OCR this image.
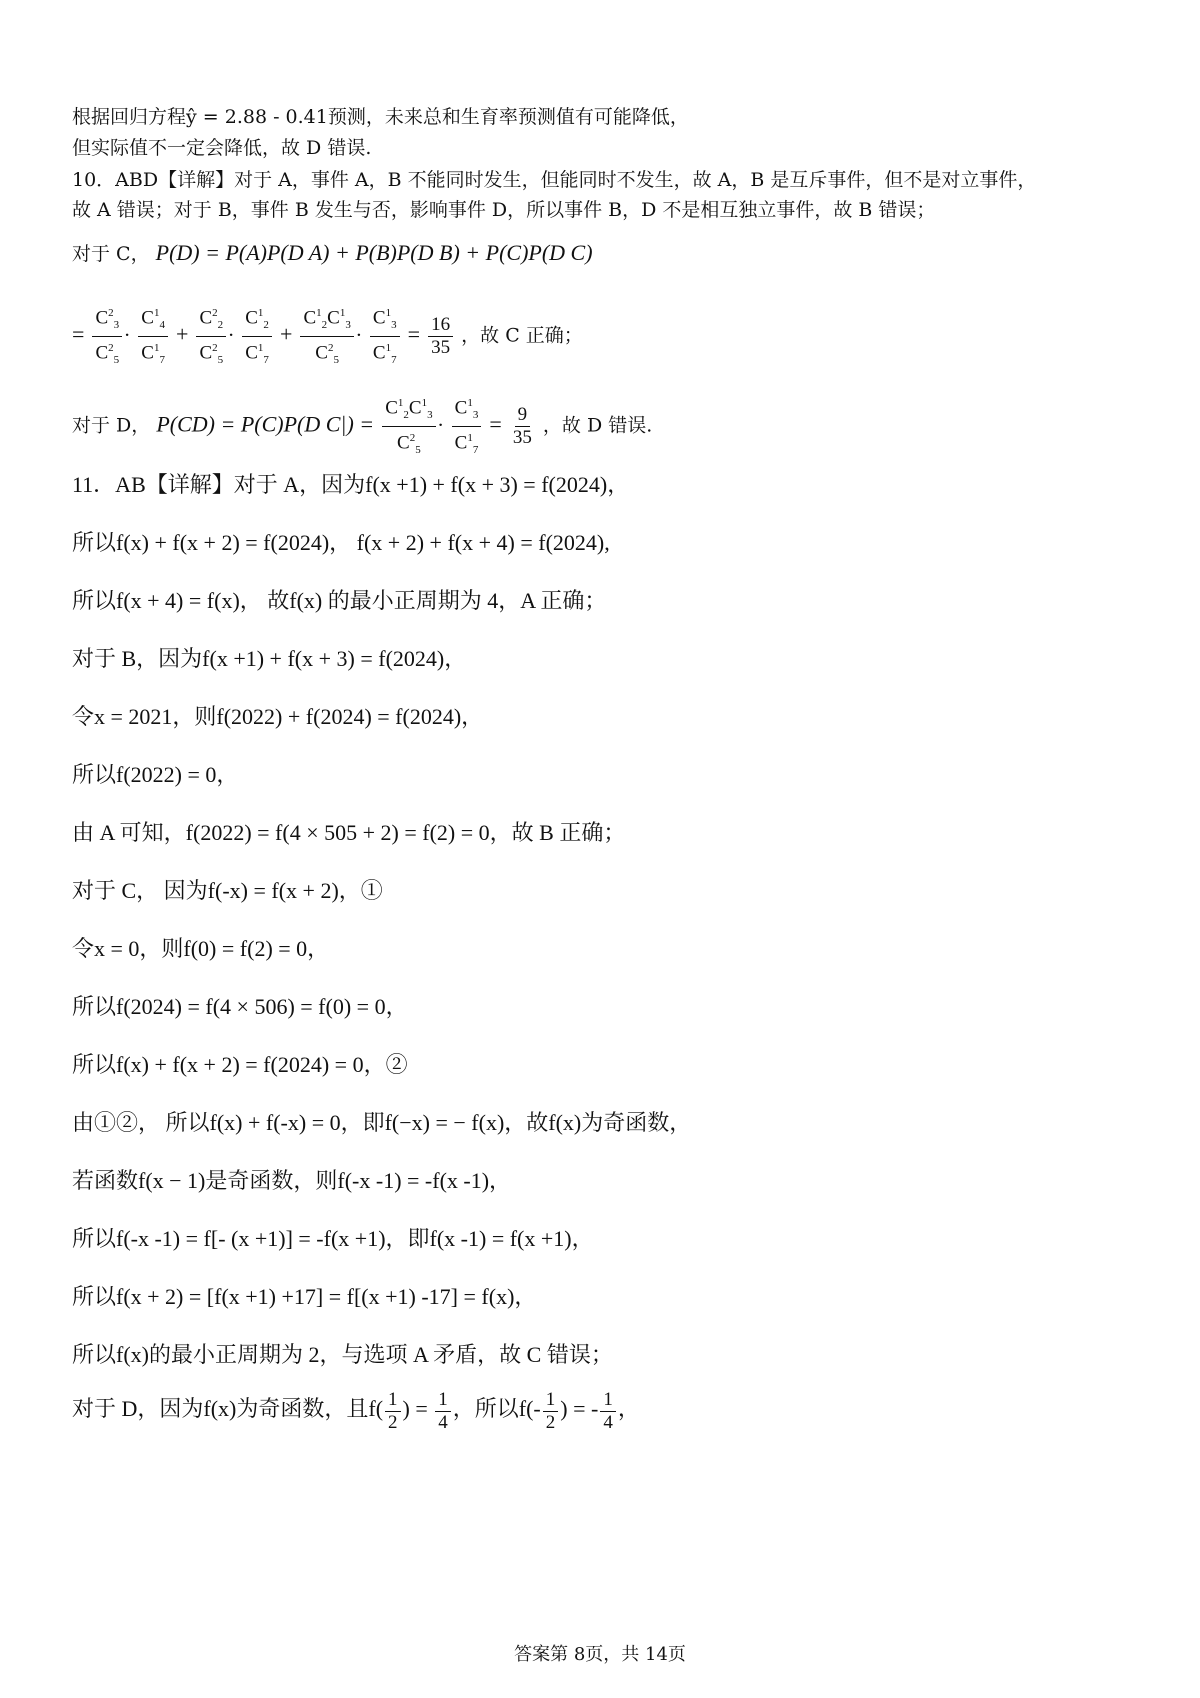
根据回归方程ŷ = 2.88 - 0.41预测，未来总和生育率预测值有可能降低，
但实际值不一定会降低，故 D 错误.
10．ABD【详解】对于 A，事件 A，B 不能同时发生，但能同时不发生，故 A，B 是互斥事件，但不是对立事件，
故 A 错误；对于 B，事件 B 发生与否，影响事件 D，所以事件 B，D 不是相互独立事件，故 B 错误；
对于 C， P(D) = P(A)P(D A) + P(B)P(D B) + P(C)P(D C)
= $\frac{C^2_3}{C^2_5} \cdot \frac{C^1_4}{C^1_7} + \frac{C^2_2}{C^2_5} \cdot \frac{C^1_2}{C^1_7} + \frac{C^1_2C^1_3}{C^2_5} \cdot \frac{C^1_3}{C^1_7} = \frac{16}{35}$ ，故 C 正确；
对于 D， P(CD) = P(C)P(D $C|) = \frac{C^1_2C^1_3}{C^2_5} \cdot \frac{C^1_3}{C^1_7} = \frac{9}{35}$ ，故 D 错误.
11．AB【详解】对于 A，因为f(x +1) + f(x + 3) = f(2024)，
所以f(x) + f(x + 2) = f(2024)， f(x + 2) + f(x + 4) = f(2024),
所以f(x + 4) = f(x)， 故f(x) 的最小正周期为 4，A 正确；
对于 B，因为f(x +1) + f(x + 3) = f(2024)，
令x = 2021，则f(2022) + f(2024) = f(2024)，
所以f(2022) = 0，
由 A 可知，f(2022) = f(4 × 505 + 2) = f(2) = 0，故 B 正确；
对于 C， 因为f(-x) = f(x + 2)，①
令x = 0，则f(0) = f(2) = 0，
所以f(2024) = f(4 × 506) = f(0) = 0，
所以f(x) + f(x + 2) = f(2024) = 0，②
由①②， 所以f(x) + f(-x) = 0，即f(−x) = − f(x)，故f(x)为奇函数，
若函数f(x − 1)是奇函数，则f(-x -1) = -f(x -1)，
所以f(-x -1) = f[- (x +1)] = -f(x +1)，即f(x -1) = f(x +1)，
所以f(x + 2) = [f(x +1) +17] = f[(x +1) -17] = f(x)，
所以f(x)的最小正周期为 2，与选项 A 矛盾，故 C 错误；
对于 D，因为f(x)为奇函数，且$f( \frac{1}{2}$ ) = $\frac{1}{4}$ ，所以$f(- \frac{1}{2}$ ) = - $\frac{1}{4}$ ，
答案第 8页，共 14页
